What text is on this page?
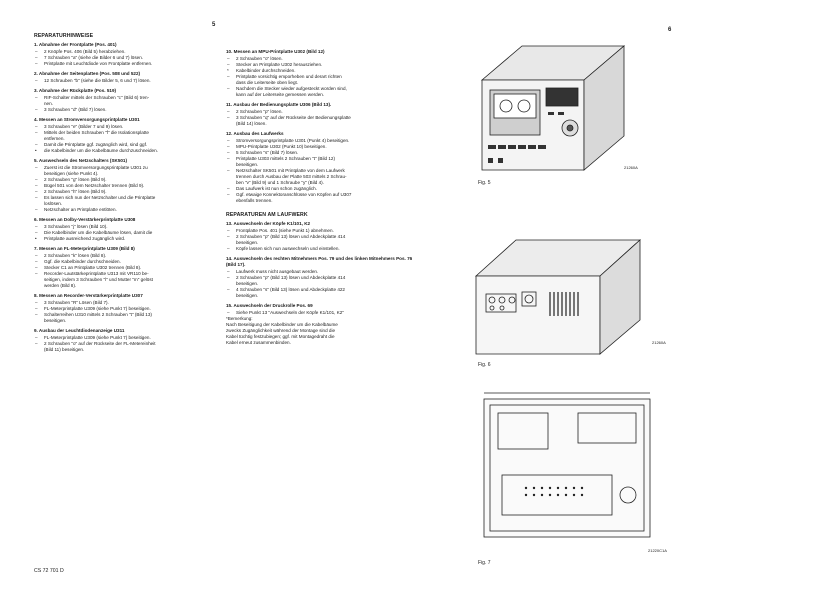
5
6
REPARATURHINWEISE
1. Abnahme der Frontplatte (Pos. 401)
– 2 Knöpfe Pos. 406 (Bild 5) herabziehen.
– 7 Schrauben "a" (siehe die Bilder 6 und 7) lösen.
– Printplatte mit Leuchtdiode von Frontplatte entfernen.
2. Abnahme der Seitenplatten (Pos. 508 und 522)
– 12 Schrauben "b" (siehe die Bilder 5, 6 und 7) lösen.
3. Abnahme der Rückplatte (Pos. 519)
– RIF-Schalter mittels der Schrauben "c" (Bild 6) tren-
nen.
– 3 Schrauben "d" (Bild 7) lösen.
4. Messen an Stromversorgungsprintplatte U301
– 3 Schrauben "e" (Bilder 7 und 9) lösen.
– Mittels der beiden Schrauben "f" die Isolationsplatte
entfernen.
– Damit die Printplatte ggf. zugänglich wird, sind ggf.
• die Kabelbinder um die Kabelbäume durchzuschneiden.
5. Auswechseln des Netzschalters (SK501)
– Zuerst ist die Stromversorgungsprintplatte U301 zu
beseitigen (siehe Punkt 4).
– 2 Schrauben "g" lösen (Bild 9).
– Bügel 501 von dem Netzschalter trennen (Bild 9).
– 2 Schrauben "h" lösen (Bild 9).
– Es lassen sich nun der Netzschalter und die Printplatte
loslösen.
– Netzschalter an Printplatte entlöten.
6. Messen an Dolby-Verstärkerprintplatte U308
– 3 Schrauben "j" lösen (Bild 10).
– Die Kabelbinder um die Kabelbäume lösen, damit die
• Printplatte ausreichend zugänglich wird.
7. Messen an FL-Meterprintplatte U309 (Bild 8)
– 2 Schrauben "k" lösen (Bild 8).
– Ggf. die Kabelbinder durchschneiden.
– Stecker C1 an Printplatte U302 trennen (Bild 8).
– Recorder-Lautstärkeprintplatte U313 mit VR110 be-
seitigen, indem 3 Schrauben "l" und Mutter "m" gelöst
werden (Bild 8).
8. Messen an Recorder-Verstärkerprintplatte U307
– 3 Schrauben "R" Lösen (Bild 7).
– FL-Meterprintplatte U309 (siehe Punkt 7) beseitigen.
– Schalterreihen U310 mittels 2 Schrauben "t" (Bild 13)
beseitigen.
9. Ausbau der Leuchtdiodenanzeige U311
– FL-Meterprintplatte U309 (siehe Punkt 7) beseitigen.
– 2 Schrauben "o" auf der Rückseite der FL-Metereinheit
(Bild 11) beseitigen.
10. Messen an MPU-Printplatte U302 (Bild 12)
– 2 Schrauben "o" lösen.
– Stecker an Printplatte U302 herausziehen.
* Kabelbinder durchschneiden.
– Printplatte vorsichtig emporheben und derart richten
dass die Leiterseite oben liegt.
– Nachdem die Stecker wieder aufgesteckt worden sind,
kann auf der Leiterseite gemessen werden.
11. Ausbau der Bedienungsplatte U306 (Bild 13).
– 2 Schrauben "p" lösen.
– 3 Schrauben "q" auf der Rückseite der Bedienungsplatte
(Bild 14) lösen.
12. Ausbau des Laufwerks
– Stromversorgungsprintplatte U301 (Punkt 4) beseitigen.
– MPU-Printplatte U302 (Punkt 10) beseitigen.
– 5 Schrauben "s" (Bild 7) lösen.
– Printplatte U303 mittels 2 Schrauben "t" (Bild 12)
beseitigen.
– Netzschalter SK501 mit Printplatte von dem Laufwerk
trennen durch Ausbau der Platte 503 mittels 2 Schrau-
ben "v" (Bild 9) und 1 Schraube "y" (Bild 4).
– Das Laufwerk ist nun schon zugänglich.
– Ggf. etwaige Konnektoranschlüsse von Köpfen auf U307
ebenfalls trennen.
REPARATUREN AM LAUFWERK
13. Auswechseln der Köpfe K1/101, K2
– Frontplatte Pos. 401 (siehe Punkt 1) abnehmen.
– 2 Schrauben "p" (Bild 13) lösen und Abdeckplatte 414
beseitigen.
– Köpfe lassen sich nun auswechseln und einstellen.
14. Auswechseln des rechten Mitnehmers Pos. 79 und des linken Mitnehmers Pos. 76 (Bild 17).
– Laufwerk muss nicht ausgebaut werden.
– 2 Schrauben "p" (Bild 13) lösen und Abdeckplatte 414
beseitigen.
– 4 Schrauben "s" (Bild 13) lösen und Abdeckplatte 422
beseitigen.
15. Auswechseln der Druckrolle Pos. 69
– Siehe Punkt 13 "Auswechseln der Köpfe K1/101, K2"
*Bemerkung:
Nach Beseitigung der Kabelbinder um die Kabelbäume
zwecks Zugänglichkeit während der Montage sind die
Kabel tüchtig festzubiegen; ggf. mit Montagedraht die
Kabel erneut zusammenbinden.
Fig. 5
21260A
Fig. 6
21260A
21220C1A
Fig. 7
CS 72 701 D
